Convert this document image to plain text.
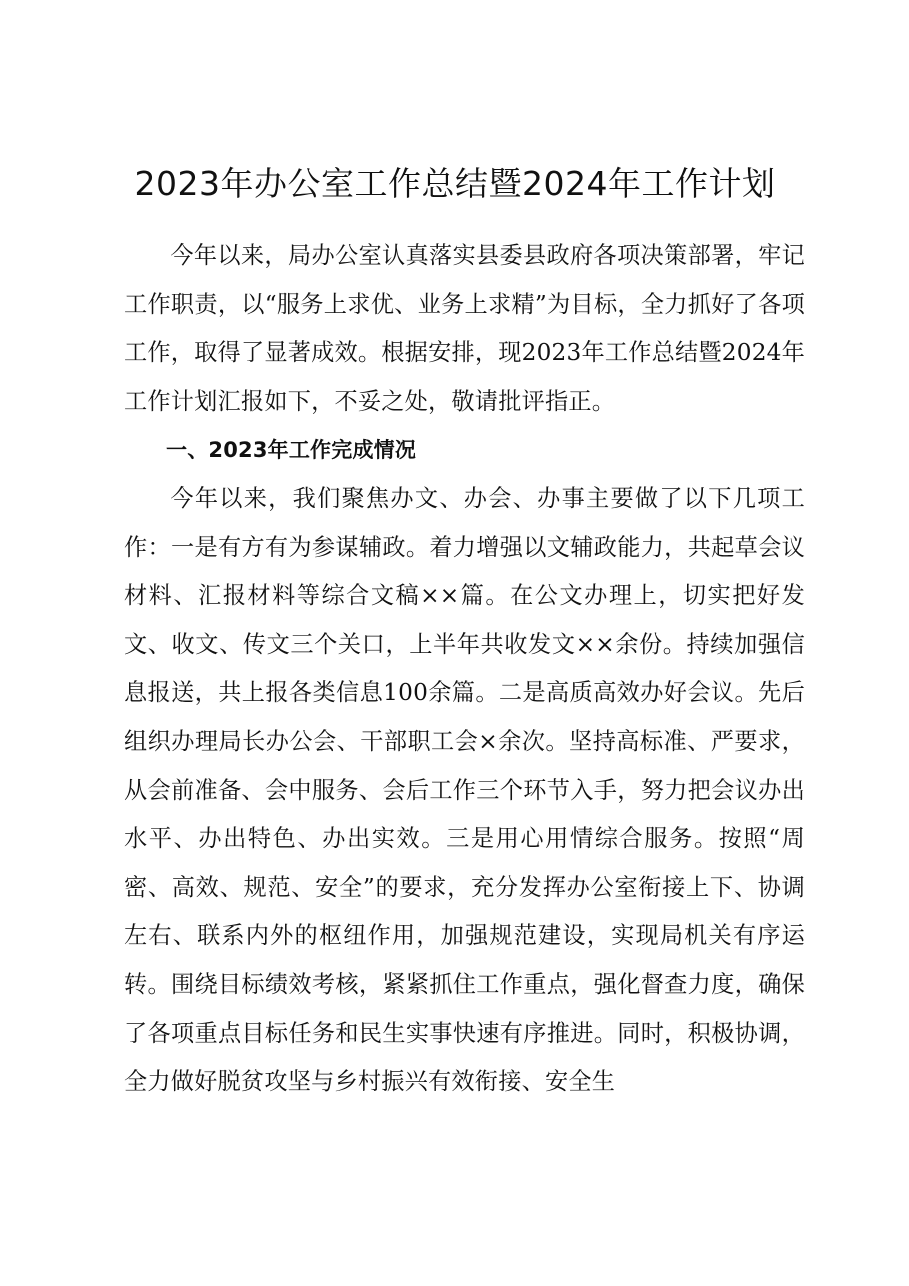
2023年办公室工作总结暨2024年工作计划

今年以来，局办公室认真落实县委县政府各项决策部署，牢记工作职责，以“服务上求优、业务上求精”为目标，全力抓好了各项工作，取得了显著成效。根据安排，现2023年工作总结暨2024年工作计划汇报如下，不妥之处，敬请批评指正。

一、2023年工作完成情况

今年以来，我们聚焦办文、办会、办事主要做了以下几项工作：一是有方有为参谋辅政。着力增强以文辅政能力，共起草会议材料、汇报材料等综合文稿××篇。在公文办理上，切实把好发文、收文、传文三个关口，上半年共收发文××余份。持续加强信息报送，共上报各类信息100余篇。二是高质高效办好会议。先后组织办理局长办公会、干部职工会×余次。坚持高标准、严要求，从会前准备、会中服务、会后工作三个环节入手，努力把会议办出水平、办出特色、办出实效。三是用心用情综合服务。按照“周密、高效、规范、安全”的要求，充分发挥办公室衔接上下、协调左右、联系内外的枢纽作用，加强规范建设，实现局机关有序运转。围绕目标绩效考核，紧紧抓住工作重点，强化督查力度，确保了各项重点目标任务和民生实事快速有序推进。同时，积极协调，全力做好脱贫攻坚与乡村振兴有效衔接、安全生
